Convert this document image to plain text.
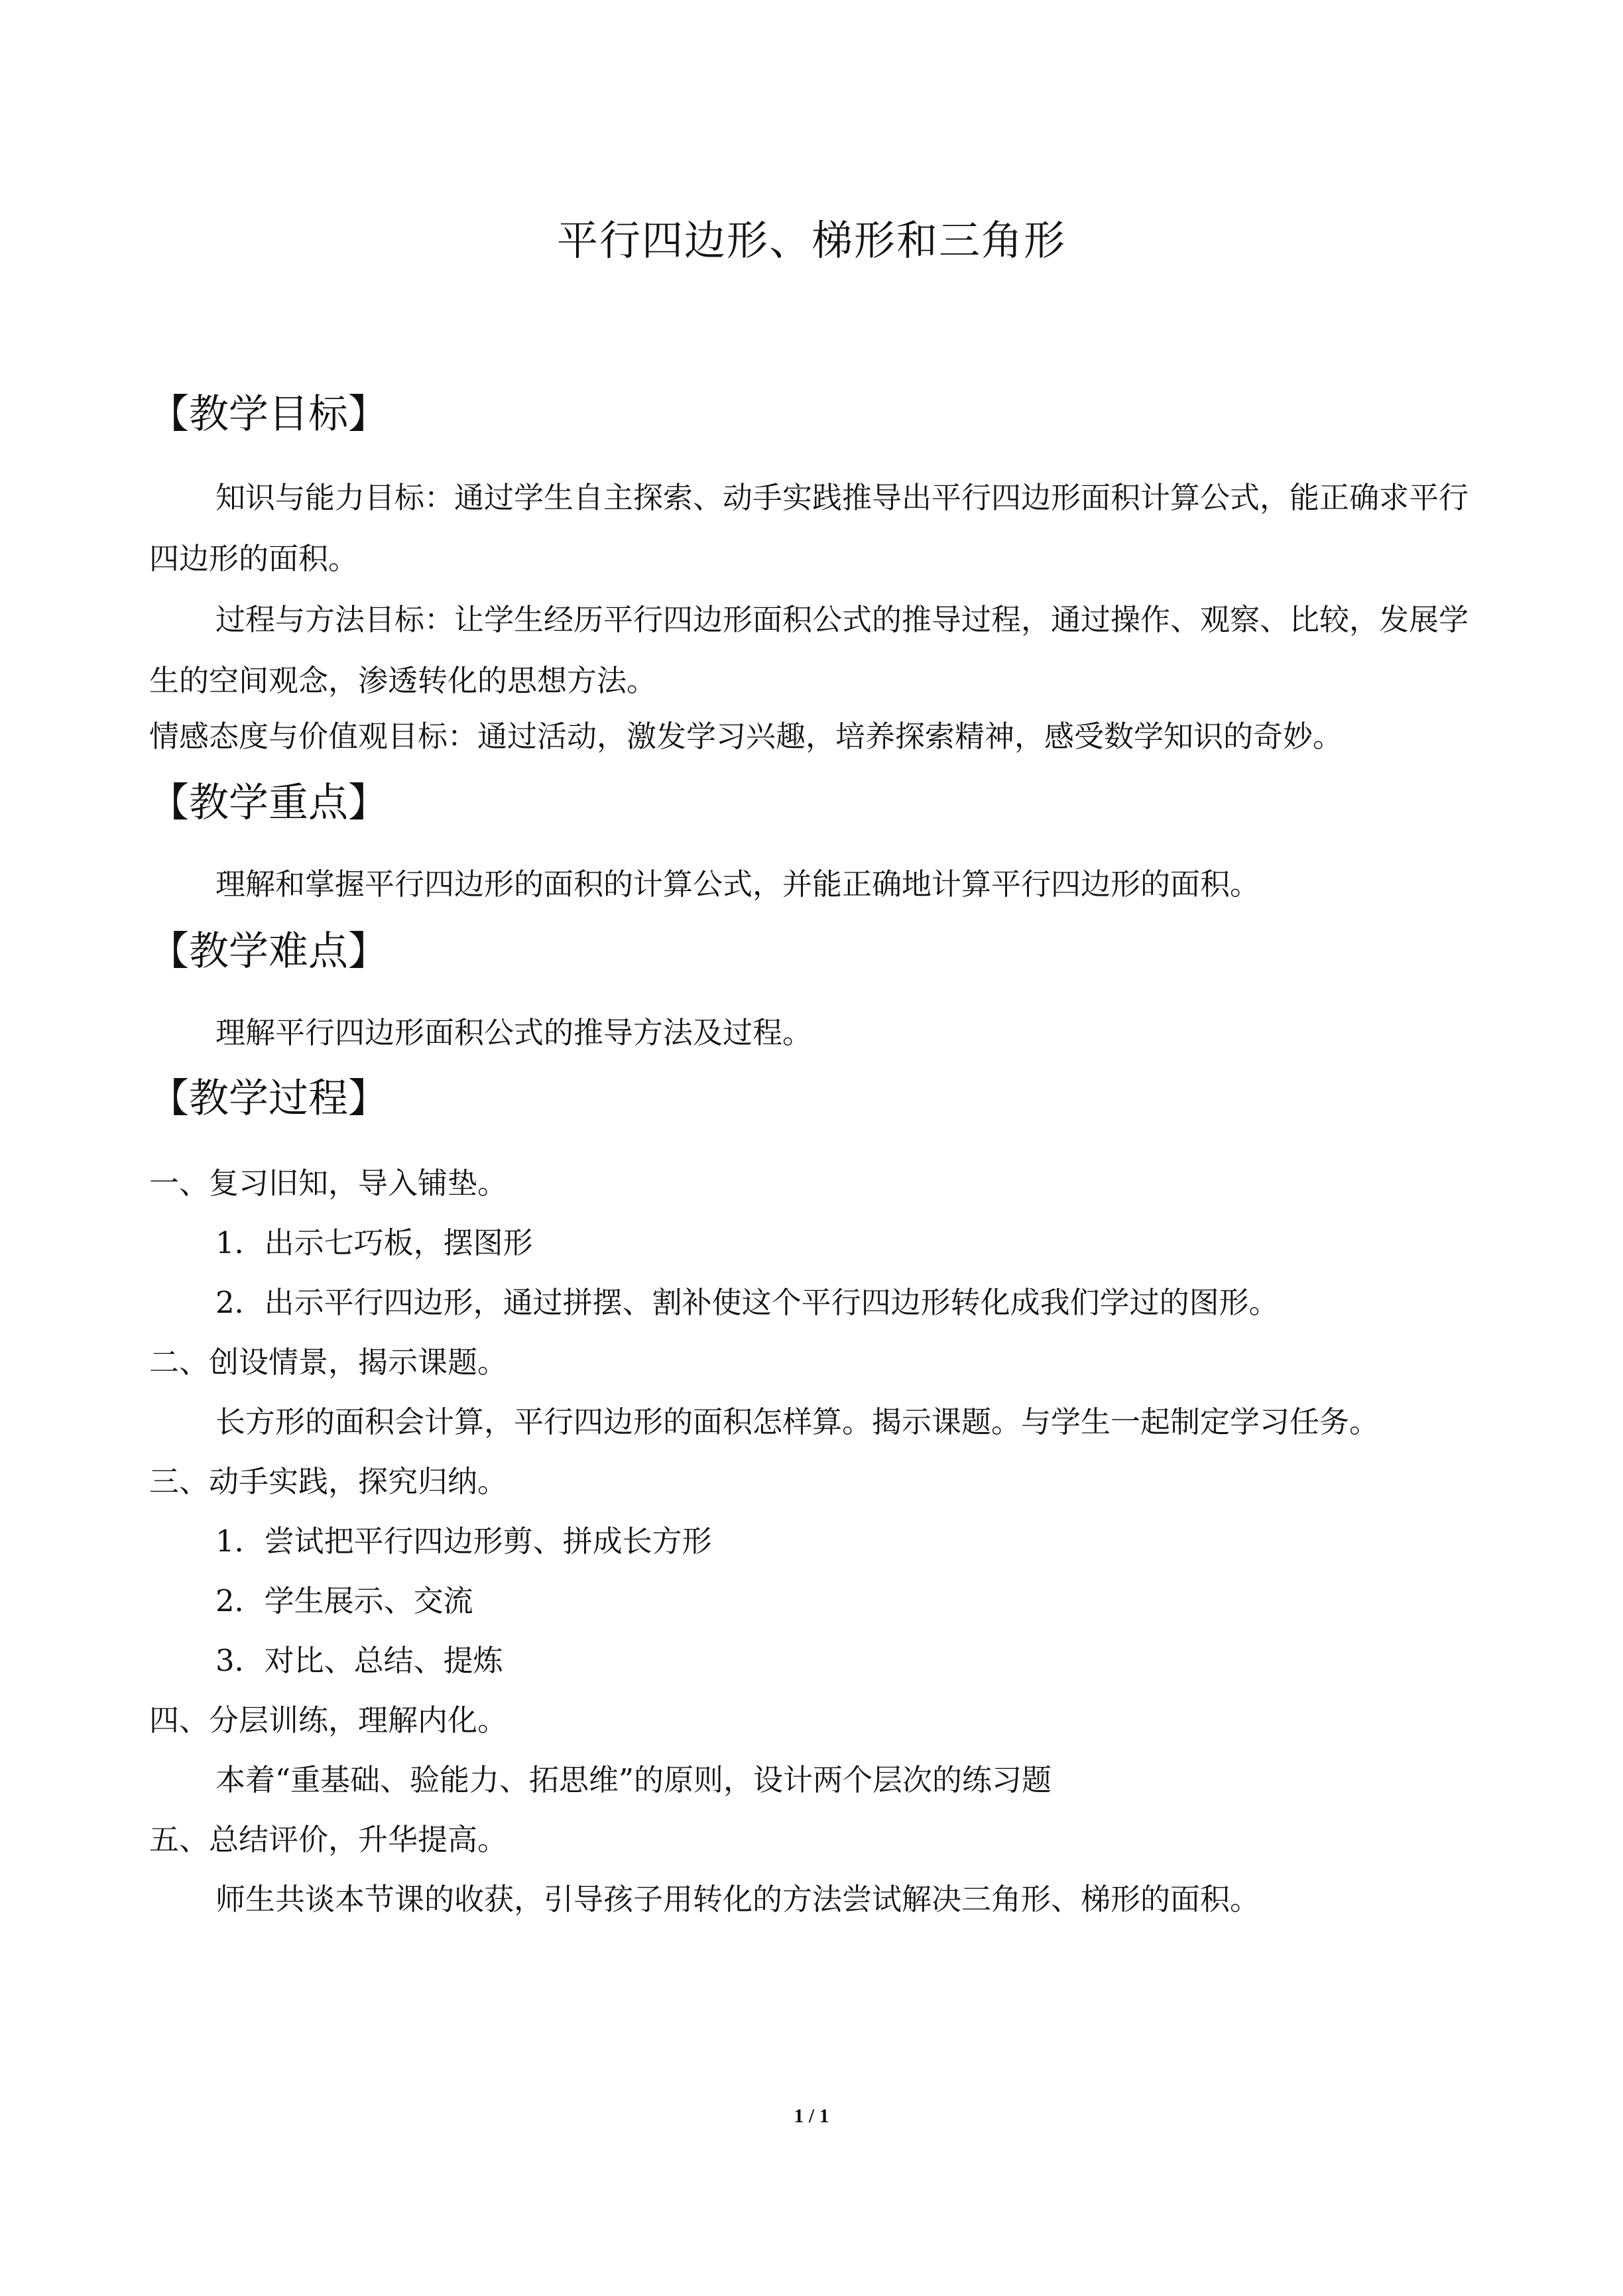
平行四边形、梯形和三角形
【教学目标】
知识与能力目标：通过学生自主探索、动手实践推导出平行四边形面积计算公式，能正确求平行四边形的面积。
过程与方法目标：让学生经历平行四边形面积公式的推导过程，通过操作、观察、比较，发展学生的空间观念，渗透转化的思想方法。
情感态度与价值观目标：通过活动，激发学习兴趣，培养探索精神，感受数学知识的奇妙。
【教学重点】
理解和掌握平行四边形的面积的计算公式，并能正确地计算平行四边形的面积。
【教学难点】
理解平行四边形面积公式的推导方法及过程。
【教学过程】
一、复习旧知，导入铺垫。
1．出示七巧板，摆图形
2．出示平行四边形，通过拼摆、割补使这个平行四边形转化成我们学过的图形。
二、创设情景，揭示课题。
长方形的面积会计算，平行四边形的面积怎样算。揭示课题。与学生一起制定学习任务。
三、动手实践，探究归纳。
1．尝试把平行四边形剪、拼成长方形
2．学生展示、交流
3．对比、总结、提炼
四、分层训练，理解内化。
本着“重基础、验能力、拓思维”的原则，设计两个层次的练习题
五、总结评价，升华提高。
师生共谈本节课的收获，引导孩子用转化的方法尝试解决三角形、梯形的面积。
1 / 1
